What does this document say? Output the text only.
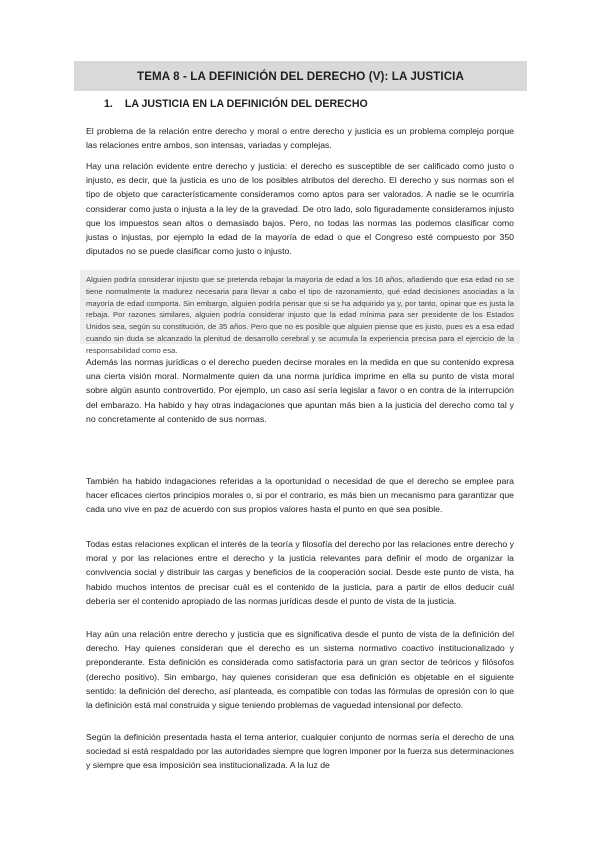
TEMA 8 - LA DEFINICIÓN DEL DERECHO (V): LA JUSTICIA
1. LA JUSTICIA EN LA DEFINICIÓN DEL DERECHO

El problema de la relación entre derecho y moral o entre derecho y justicia es un problema complejo porque las relaciones entre ambos, son intensas, variadas y complejas.

Hay una relación evidente entre derecho y justicia: el derecho es susceptible de ser calificado como justo o injusto, es decir, que la justicia es uno de los posibles atributos del derecho. El derecho y sus normas son el tipo de objeto que característicamente consideramos como aptos para ser valorados. A nadie se le ocurriría considerar como justa o injusta a la ley de la gravedad. De otro lado, solo figuradamente consideramos injusto que los impuestos sean altos o demasiado bajos. Pero, no todas las normas las podemos clasificar como justas o injustas, por ejemplo la edad de la mayoría de edad o que el Congreso esté compuesto por 350 diputados no se puede clasificar como justo o injusto.

Alguien podría considerar injusto que se pretenda rebajar la mayoría de edad a los 16 años, añadiendo que esa edad no se tiene normalmente la madurez necesaria para llevar a cabo el tipo de razonamiento, qué edad decisiones asociadas a la mayoría de edad comporta. Sin embargo, alguien podría pensar que si se ha adquirido ya y, por tanto, opinar que es justa la rebaja. Por razones similares, alguien podría considerar injusto que la edad mínima para ser presidente de los Estados Unidos sea, según su constitución, de 35 años. Pero que no es posible que alguien piense que es justo, pues es a esa edad cuando sin duda se alcanzado la plenitud de desarrollo cerebral y se acumula la experiencia precisa para el ejercicio de la responsabilidad como esa.

Además las normas jurídicas o el derecho pueden decirse morales en la medida en que su contenido expresa una cierta visión moral. Normalmente quien da una norma jurídica imprime en ella su punto de vista moral sobre algún asunto controvertido. Por ejemplo, un caso así sería legislar a favor o en contra de la interrupción del embarazo. Ha habido y hay otras indagaciones que apuntan más bien a la justicia del derecho como tal y no concretamente al contenido de sus normas.

También ha habido indagaciones referidas a la oportunidad o necesidad de que el derecho se emplee para hacer eficaces ciertos principios morales o, si por el contrario, es más bien un mecanismo para garantizar que cada uno vive en paz de acuerdo con sus propios valores hasta el punto en que sea posible.

Todas estas relaciones explican el interés de la teoría y filosofía del derecho por las relaciones entre derecho y moral y por las relaciones entre el derecho y la justicia relevantes para definir el modo de organizar la convivencia social y distribuir las cargas y beneficios de la cooperación social. Desde este punto de vista, ha habido muchos intentos de precisar cuál es el contenido de la justicia, para a partir de ellos deducir cuál debería ser el contenido apropiado de las normas jurídicas desde el punto de vista de la justicia.

Hay aún una relación entre derecho y justicia que es significativa desde el punto de vista de la definición del derecho. Hay quienes consideran que el derecho es un sistema normativo coactivo institucionalizado y preponderante. Esta definición es considerada como satisfactoria para un gran sector de teóricos y filósofos (derecho positivo). Sin embargo, hay quienes consideran que esa definición es objetable en el siguiente sentido: la definición del derecho, así planteada, es compatible con todas las fórmulas de opresión con lo que la definición está mal construida y sigue teniendo problemas de vaguedad intensional por defecto.

Según la definición presentada hasta el tema anterior, cualquier conjunto de normas sería el derecho de una sociedad si está respaldado por las autoridades siempre que logren imponer por la fuerza sus determinaciones y siempre que esa imposición sea institucionalizada. A la luz de
